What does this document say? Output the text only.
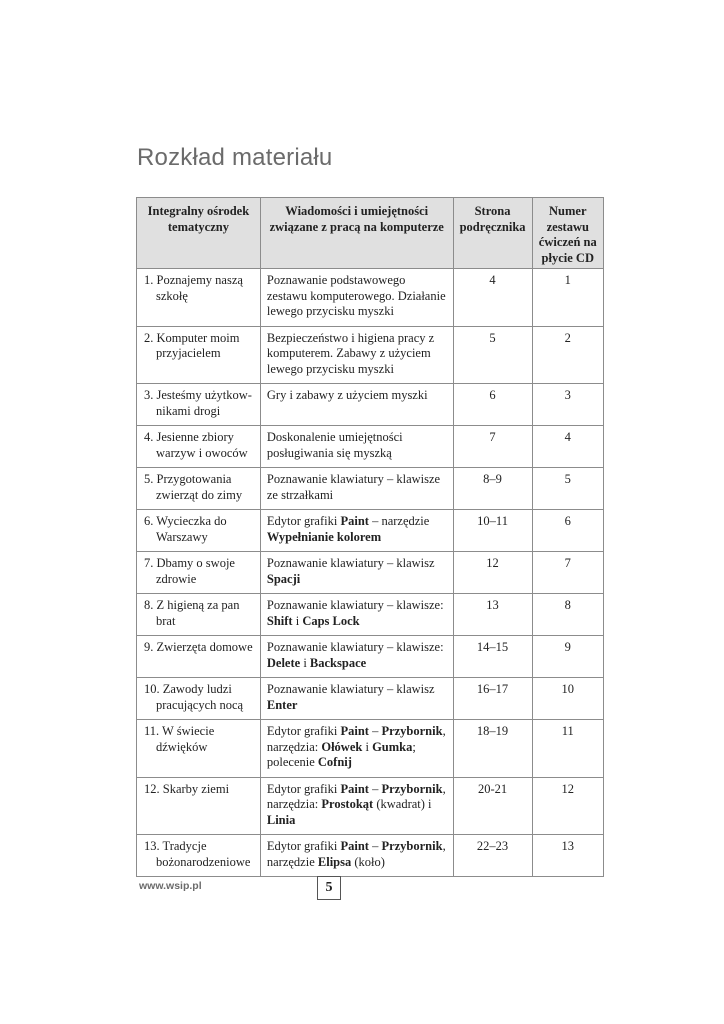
Rozkład materiału
Integralny ośrodek tematyczny	Wiadomości i umiejętności związane z pracą na komputerze	Strona podręcznika	Numer zestawu ćwiczeń na płycie CD

1. Poznajemy naszą
szkołę	Poznawanie podstawowego zestawu komputerowego. Działanie lewego przycisku myszki	4	1

2. Komputer moim
przyjacielem	Bezpieczeństwo i higiena pracy z komputerem. Zabawy z użyciem lewego przycisku myszki	5	2

3. Jesteśmy użytkow-
nikami drogi	Gry i zabawy z użyciem myszki	6	3

4. Jesienne zbiory
warzyw i owoców	Doskonalenie umiejętności posługiwania się myszką	7	4

5. Przygotowania
zwierząt do zimy	Poznawanie klawiatury – klawisze ze strzałkami	8–9	5

6. Wycieczka do
Warszawy	Edytor grafiki Paint – narzędzie Wypełnianie kolorem	10–11	6

7. Dbamy o swoje
zdrowie	Poznawanie klawiatury – klawisz Spacji	12	7

8. Z higieną za pan
brat	Poznawanie klawiatury – klawisze: Shift i Caps Lock	13	8

9. Zwierzęta domowe	Poznawanie klawiatury – klawisze: Delete i Backspace	14–15	9

10. Zawody ludzi
pracujących nocą	Poznawanie klawiatury – klawisz Enter	16–17	10

11. W świecie
dźwięków	Edytor grafiki Paint – Przybornik, narzędzia: Ołówek i Gumka; polecenie Cofnij	18–19	11

12. Skarby ziemi	Edytor grafiki Paint – Przybornik, narzędzia: Prostokąt (kwadrat) i Linia	20-21	12

13. Tradycje
bożonarodzeniowe	Edytor grafiki Paint – Przybornik, narzędzie Elipsa (koło)	22–23	13
www.wsip.pl	5
